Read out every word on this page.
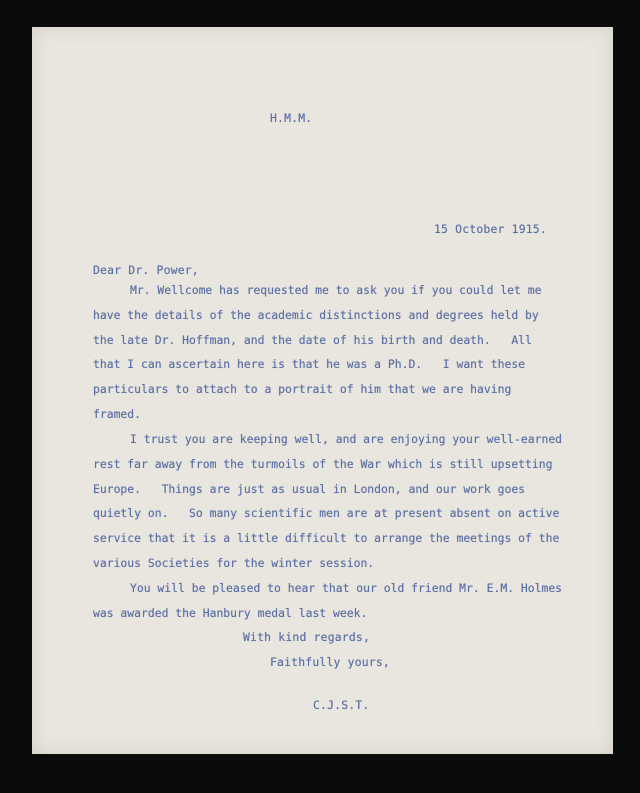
H.M.M.
15 October 1915.
Dear Dr. Power,
Mr. Wellcome has requested me to ask you if you could let me
have the details of the academic distinctions and degrees held by
the late Dr. Hoffman, and the date of his birth and death.   All
that I can ascertain here is that he was a Ph.D.   I want these
particulars to attach to a portrait of him that we are having
framed.
I trust you are keeping well, and are enjoying your well-earned
rest far away from the turmoils of the War which is still upsetting
Europe.   Things are just as usual in London, and our work goes
quietly on.   So many scientific men are at present absent on active
service that it is a little difficult to arrange the meetings of the
various Societies for the winter session.
You will be pleased to hear that our old friend Mr. E.M. Holmes
was awarded the Hanbury medal last week.
With kind regards,
Faithfully yours,
C.J.S.T.
